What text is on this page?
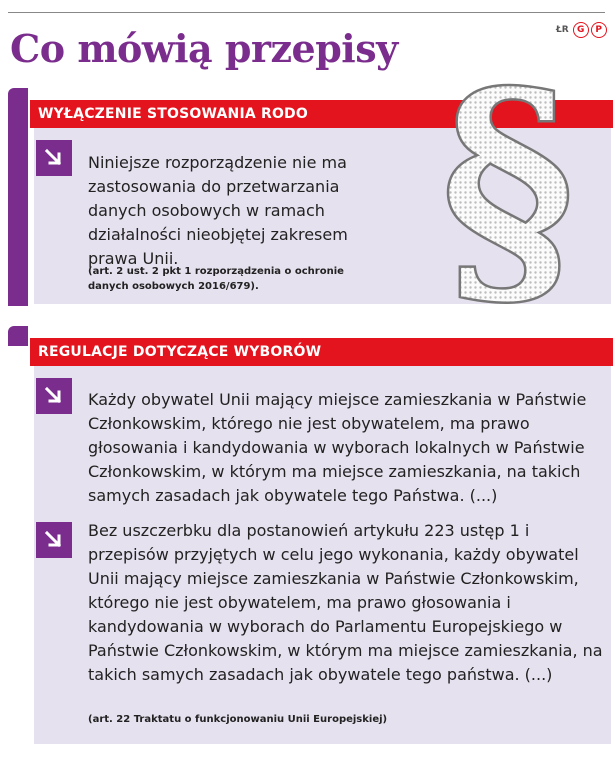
Co mówią przepisy	ŁR G	P
WYŁĄCZENIE STOSOWANIA RODO

Niniejsze rozporządzenie nie ma zastosowania do przetwarzania danych osobowych w ramach działalności nieobjętej zakresem prawa Unii.

(art. 2 ust. 2 pkt 1 rozporządzenia o ochronie danych osobowych 2016/679). §
REGULACJE DOTYCZĄCE WYBORÓW

Każdy obywatel Unii mający miejsce zamieszkania w Państwie Członkowskim, którego nie jest obywatelem, ma prawo głosowania i kandydowania w wyborach lokalnych w Państwie Członkowskim, w którym ma miejsce zamieszkania, na takich samych zasadach jak obywatele tego Państwa. (...)

Bez uszczerbku dla postanowień artykułu 223 ustęp 1 i przepisów przyjętych w celu jego wykonania, każdy obywatel Unii mający miejsce zamieszkania w Państwie Członkowskim, którego nie jest obywatelem, ma prawo głosowania i kandydowania w wyborach do Parlamentu Europejskiego w Państwie Członkowskim, w którym ma miejsce zamieszkania, na takich samych zasadach jak obywatele tego państwa. (...)

(art. 22 Traktatu o funkcjonowaniu Unii Europejskiej)
